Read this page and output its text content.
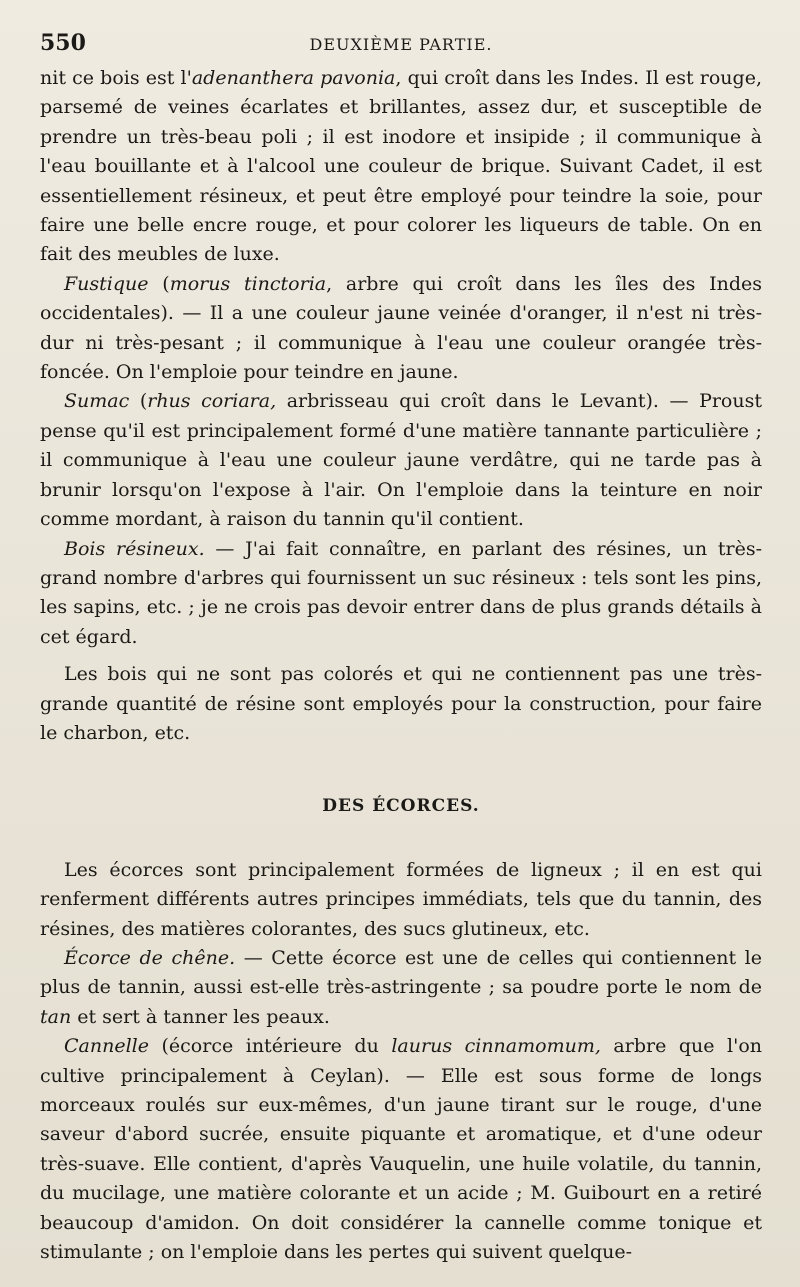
550	DEUXIÈME PARTIE.

nit ce bois est l'adenanthera pavonia, qui croît dans les Indes. Il est rouge, parsemé de veines écarlates et brillantes, assez dur, et susceptible de prendre un très-beau poli ; il est inodore et insipide ; il communique à l'eau bouillante et à l'alcool une couleur de brique. Suivant Cadet, il est essentiellement résineux, et peut être employé pour teindre la soie, pour faire une belle encre rouge, et pour colorer les liqueurs de table. On en fait des meubles de luxe.

Fustique (morus tinctoria, arbre qui croît dans les îles des Indes occidentales). — Il a une couleur jaune veinée d'oranger, il n'est ni très-dur ni très-pesant ; il communique à l'eau une couleur orangée très-foncée. On l'emploie pour teindre en jaune.

Sumac (rhus coriara, arbrisseau qui croît dans le Levant). — Proust pense qu'il est principalement formé d'une matière tannante particulière ; il communique à l'eau une couleur jaune verdâtre, qui ne tarde pas à brunir lorsqu'on l'expose à l'air. On l'emploie dans la teinture en noir comme mordant, à raison du tannin qu'il contient.

Bois résineux. — J'ai fait connaître, en parlant des résines, un très-grand nombre d'arbres qui fournissent un suc résineux : tels sont les pins, les sapins, etc. ; je ne crois pas devoir entrer dans de plus grands détails à cet égard.

Les bois qui ne sont pas colorés et qui ne contiennent pas une très-grande quantité de résine sont employés pour la construction, pour faire le charbon, etc.

DES ÉCORCES.

Les écorces sont principalement formées de ligneux ; il en est qui renferment différents autres principes immédiats, tels que du tannin, des résines, des matières colorantes, des sucs glutineux, etc.

Écorce de chêne. — Cette écorce est une de celles qui contiennent le plus de tannin, aussi est-elle très-astringente ; sa poudre porte le nom de tan et sert à tanner les peaux.

Cannelle (écorce intérieure du laurus cinnamomum, arbre que l'on cultive principalement à Ceylan). — Elle est sous forme de longs morceaux roulés sur eux-mêmes, d'un jaune tirant sur le rouge, d'une saveur d'abord sucrée, ensuite piquante et aromatique, et d'une odeur très-suave. Elle contient, d'après Vauquelin, une huile volatile, du tannin, du mucilage, une matière colorante et un acide ; M. Guibourt en a retiré beaucoup d'amidon. On doit considérer la cannelle comme tonique et stimulante ; on l'emploie dans les pertes qui suivent quelque-
